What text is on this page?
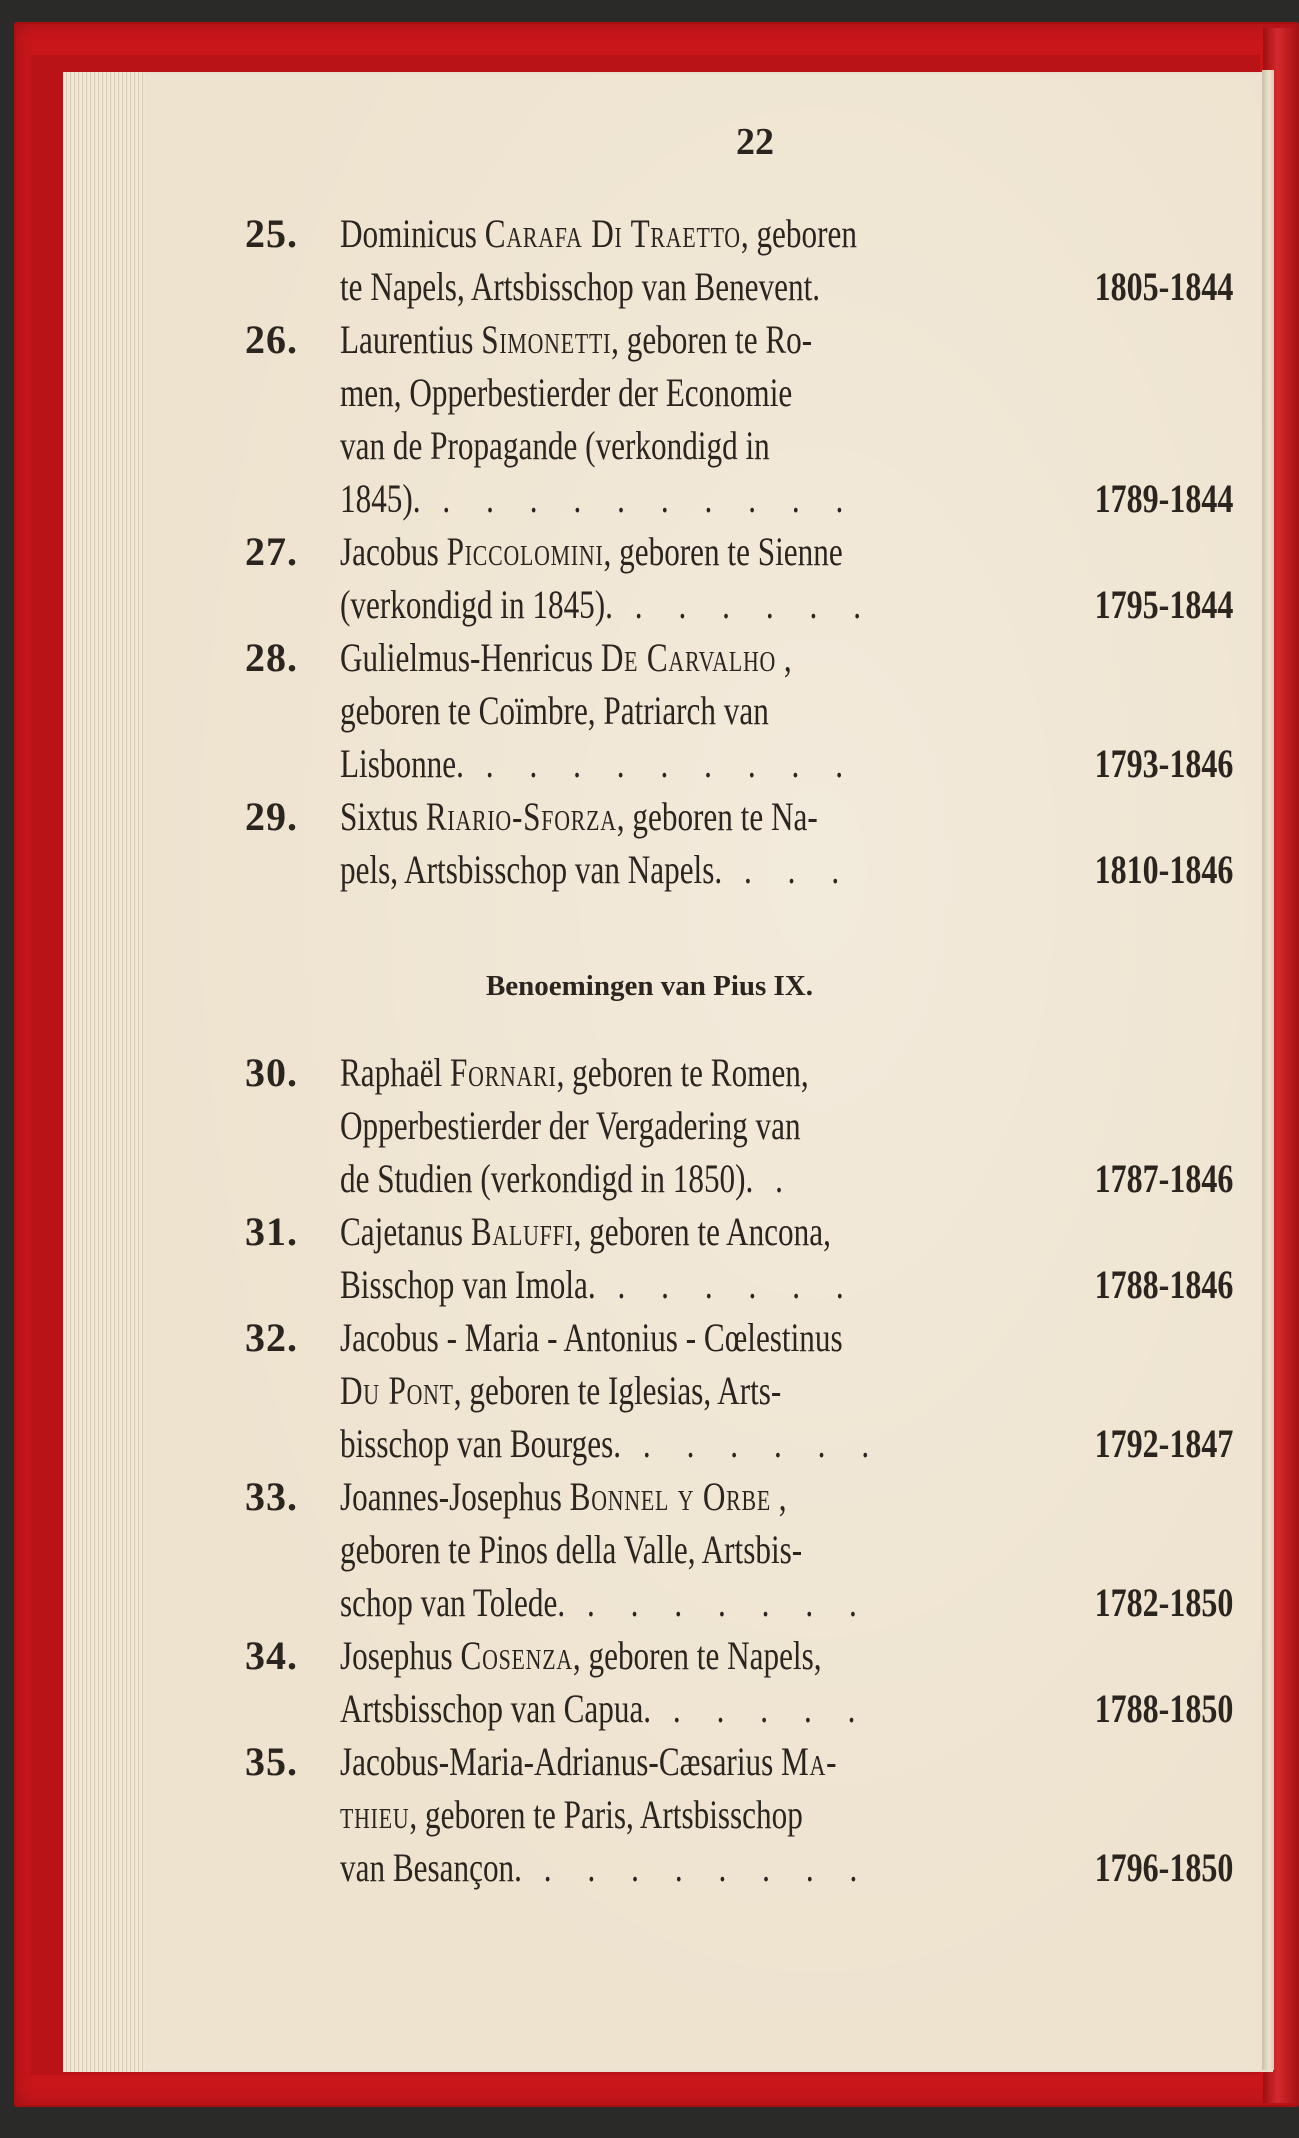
22
Benoemingen van Pius IX.
25. Dominicus Carafa Di Traetto, geboren
te Napels, Artsbisschop van Benevent.	1805-1844
26. Laurentius Simonetti, geboren te Ro-
men, Opperbestierder der Economie
van de Propagande (verkondigd in
1845). . . . . . . . . . .	1789-1844
27. Jacobus Piccolomini, geboren te Sienne
(verkondigd in 1845). . . . . . .	1795-1844
28. Gulielmus-Henricus De Carvalho ,
geboren te Coïmbre, Patriarch van
Lisbonne. . . . . . . . . .	1793-1846
29. Sixtus Riario-Sforza, geboren te Na-
pels, Artsbisschop van Napels. . . .	1810-1846
30. Raphaël Fornari, geboren te Romen,
Opperbestierder der Vergadering van
de Studien (verkondigd in 1850). .	1787-1846
31. Cajetanus Baluffi, geboren te Ancona,
Bisschop van Imola. . . . . . .	1788-1846
32. Jacobus - Maria - Antonius - Cœlestinus
Du Pont, geboren te Iglesias, Arts-
bisschop van Bourges. . . . . . .	1792-1847
33. Joannes-Josephus Bonnel y Orbe ,
geboren te Pinos della Valle, Artsbis-
schop van Tolede. . . . . . . .	1782-1850
34. Josephus Cosenza, geboren te Napels,
Artsbisschop van Capua. . . . . .	1788-1850
35. Jacobus-Maria-Adrianus-Cæsarius Ma-
thieu, geboren te Paris, Artsbisschop
van Besançon. . . . . . . . .	1796-1850
